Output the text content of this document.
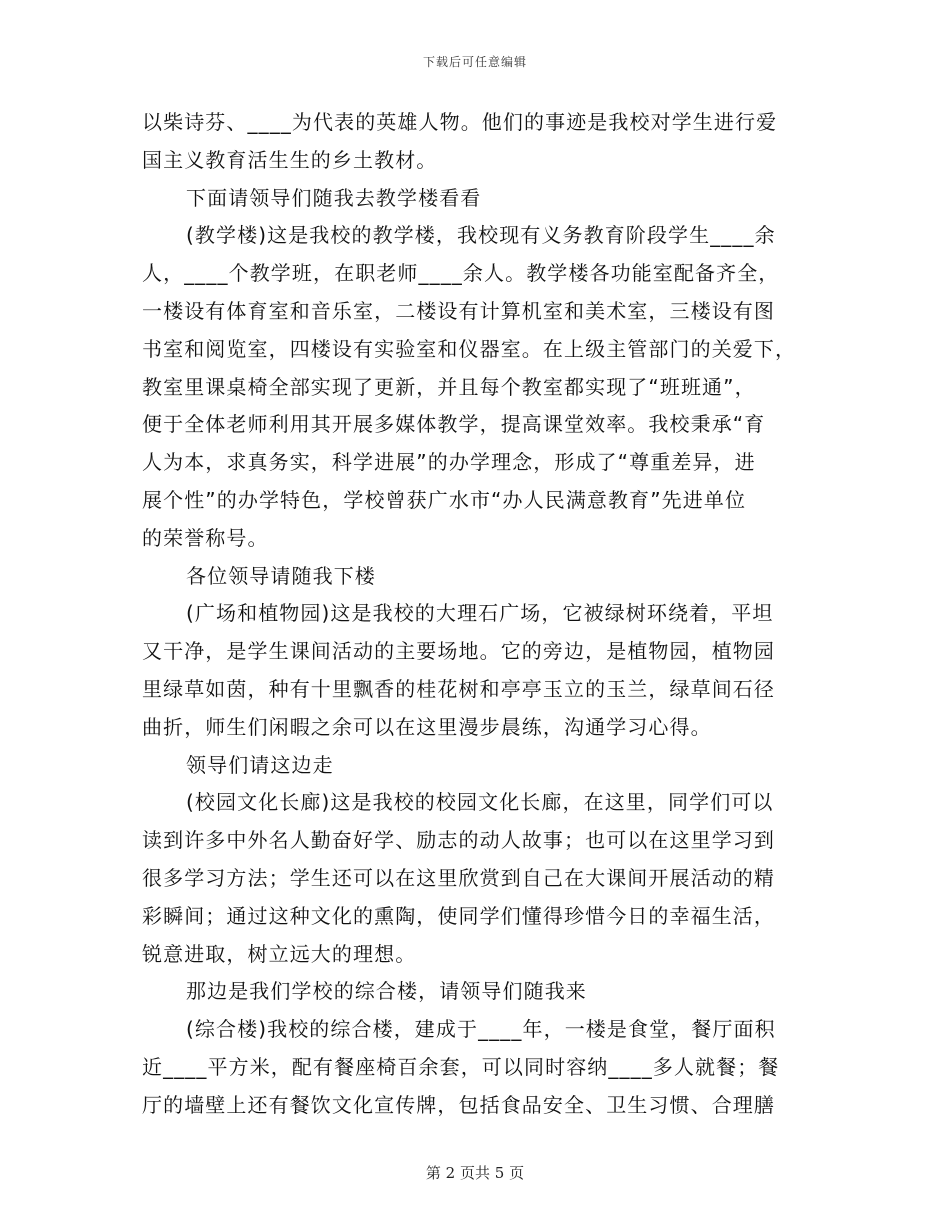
下载后可任意编辑
以柴诗芬、____为代表的英雄人物。他们的事迹是我校对学生进行爱
国主义教育活生生的乡土教材。
下面请领导们随我去教学楼看看
(教学楼)这是我校的教学楼，我校现有义务教育阶段学生____余
人，____个教学班，在职老师____余人。教学楼各功能室配备齐全，
一楼设有体育室和音乐室，二楼设有计算机室和美术室，三楼设有图
书室和阅览室，四楼设有实验室和仪器室。在上级主管部门的关爱下，
教室里课桌椅全部实现了更新，并且每个教室都实现了“班班通”，
便于全体老师利用其开展多媒体教学，提高课堂效率。我校秉承“育
人为本，求真务实，科学进展”的办学理念，形成了“尊重差异，进
展个性”的办学特色，学校曾获广水市“办人民满意教育”先进单位
的荣誉称号。
各位领导请随我下楼
(广场和植物园)这是我校的大理石广场，它被绿树环绕着，平坦
又干净，是学生课间活动的主要场地。它的旁边，是植物园，植物园
里绿草如茵，种有十里飘香的桂花树和亭亭玉立的玉兰，绿草间石径
曲折，师生们闲暇之余可以在这里漫步晨练，沟通学习心得。
领导们请这边走
(校园文化长廊)这是我校的校园文化长廊，在这里，同学们可以
读到许多中外名人勤奋好学、励志的动人故事；也可以在这里学习到
很多学习方法；学生还可以在这里欣赏到自己在大课间开展活动的精
彩瞬间；通过这种文化的熏陶，使同学们懂得珍惜今日的幸福生活，
锐意进取，树立远大的理想。
那边是我们学校的综合楼，请领导们随我来
(综合楼)我校的综合楼，建成于____年，一楼是食堂，餐厅面积
近____平方米，配有餐座椅百余套，可以同时容纳____多人就餐；餐
厅的墙壁上还有餐饮文化宣传牌，包括食品安全、卫生习惯、合理膳
第 2 页共 5 页
